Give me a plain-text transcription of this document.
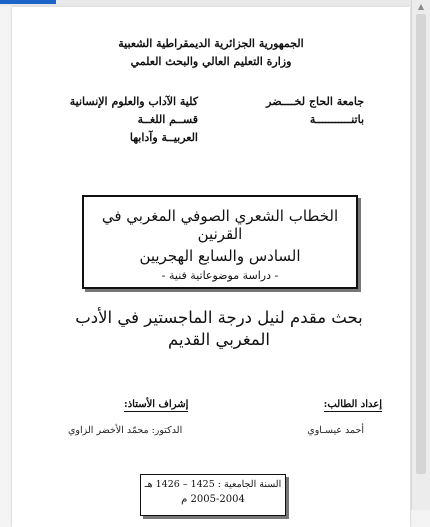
الجمهورية الجزائرية الديمقراطية الشعبية
وزارة التعليم العالي والبحث العلمي
جامعة الحاج لخــــضر
باتنـــــــــــة
كلية الآداب والعلوم الإنسانية
قســم اللغــة
العربيــة وآدابها
الخطاب الشعري الصوفي المغربي في القرنين
السادس والسابع الهجريين
- دراسة موضوعاتية فنية -
بحث مقدم لنيل درجة الماجستير في الأدب
المغربي القديم
إعداد الطالب:
إشراف الأستاذ:
أحمد عيسـاوي
الدكتور: محمّد الأخضر الزاوي
السنة الجامعية : 1425 – 1426 هـ
2005-2004 م
▲
